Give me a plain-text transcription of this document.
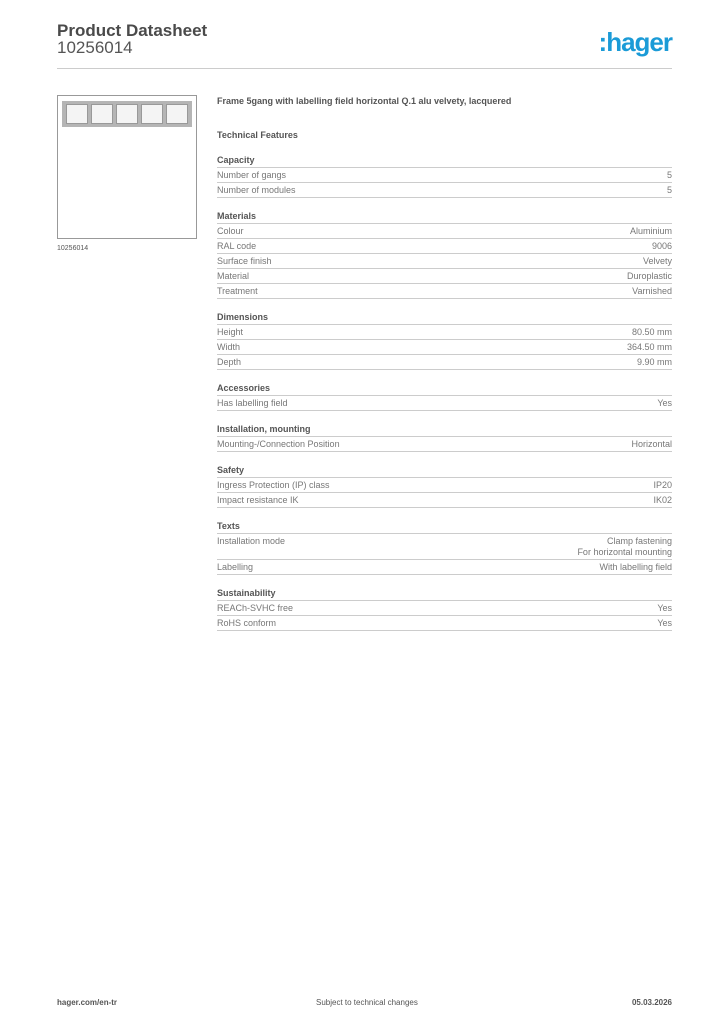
Product Datasheet
10256014	:hager
10256014
Frame 5gang with labelling field horizontal Q.1 alu velvety, lacquered
Technical Features
Capacity
Number of gangs	5
Number of modules	5
Materials
Colour	Aluminium
RAL code	9006
Surface finish	Velvety
Material	Duroplastic
Treatment	Varnished
Dimensions
Height	80.50 mm
Width	364.50 mm
Depth	9.90 mm
Accessories
Has labelling field	Yes
Installation, mounting
Mounting-/Connection Position	Horizontal
Safety
Ingress Protection (IP) class	IP20
Impact resistance IK	IK02
Texts
Installation mode	Clamp fastening
For horizontal mounting
Labelling	With labelling field
Sustainability
REACh-SVHC free	Yes
RoHS conform	Yes
hager.com/en-tr	Subject to technical changes	05.03.2026
